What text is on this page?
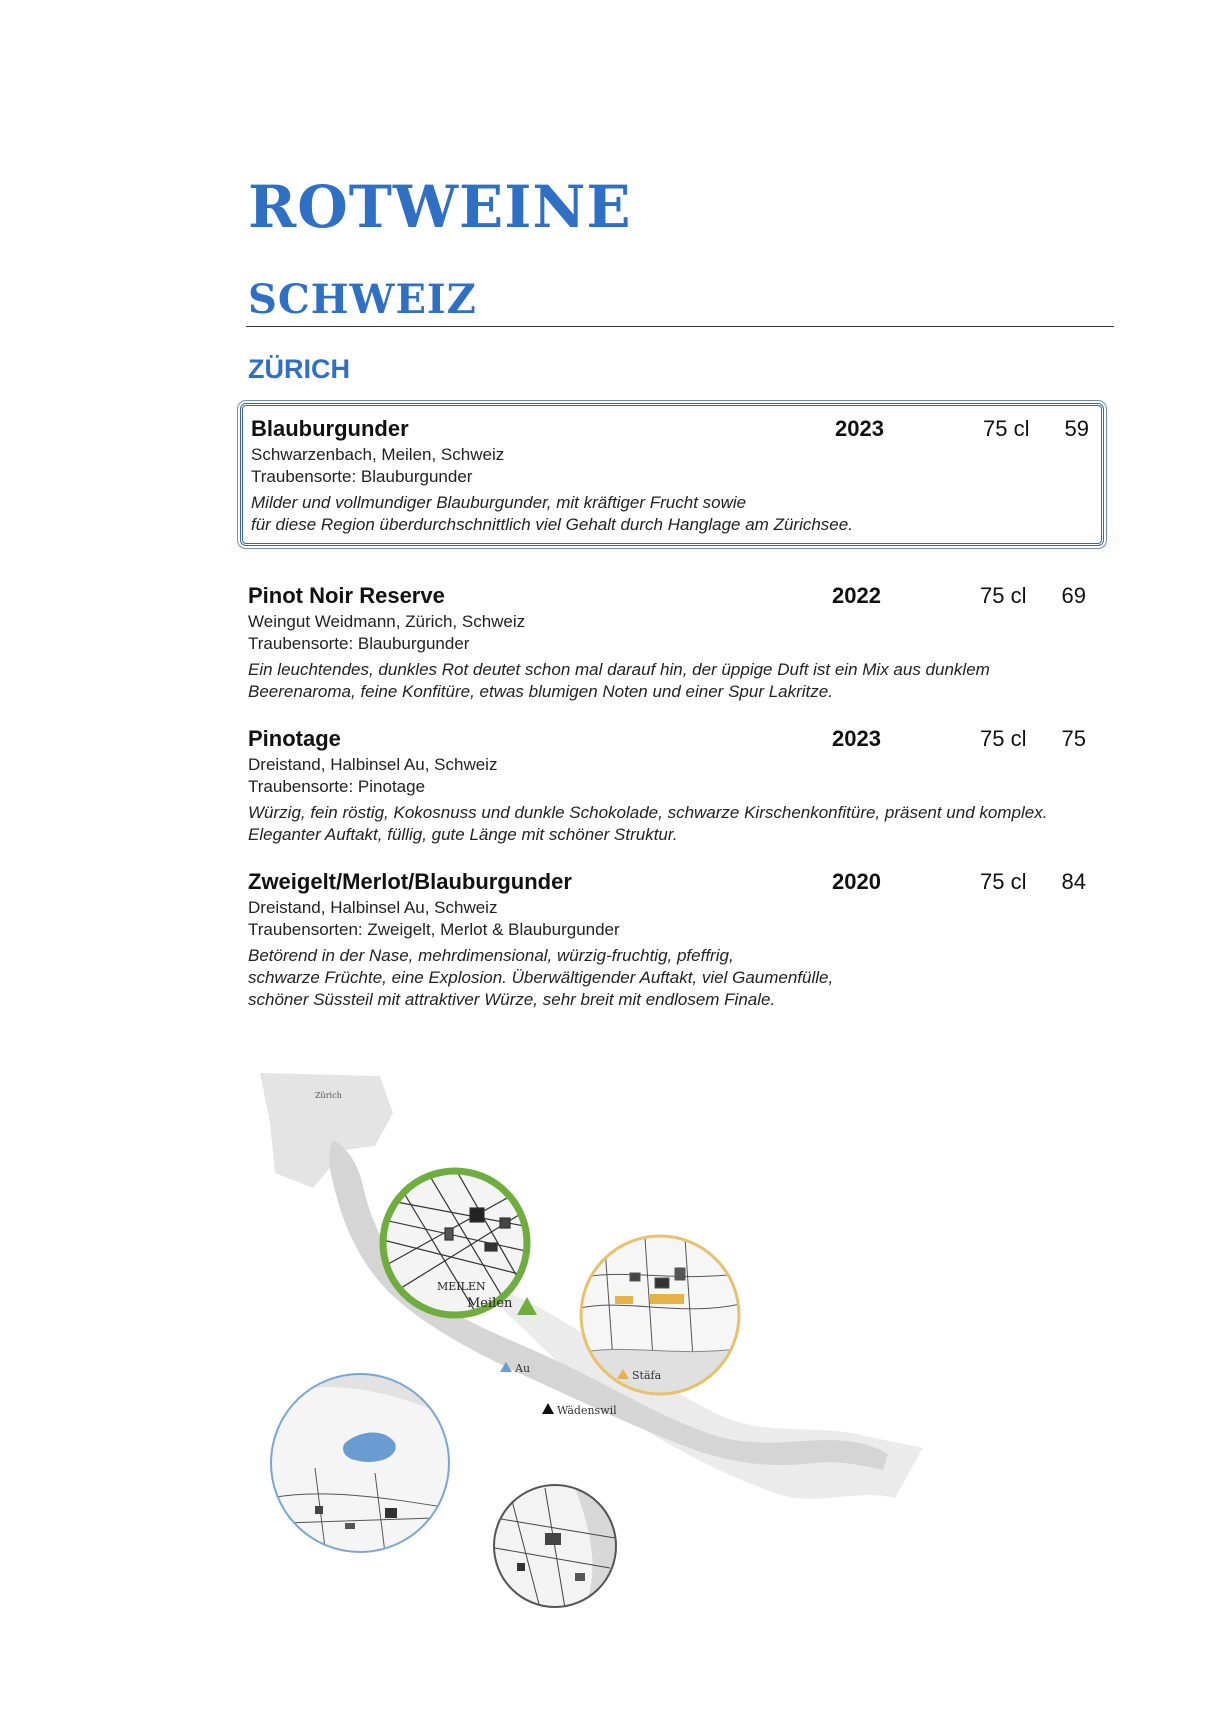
ROTWEINE
SCHWEIZ
ZÜRICH
Blauburgunder	2023	75 cl	59
Schwarzenbach, Meilen, Schweiz
Traubensorte: Blauburgunder
Milder und vollmundiger Blauburgunder, mit kräftiger Frucht sowie
für diese Region überdurchschnittlich viel Gehalt durch Hanglage am Zürichsee.
Pinot Noir Reserve	2022	75 cl	69
Weingut Weidmann, Zürich, Schweiz
Traubensorte: Blauburgunder
Ein leuchtendes, dunkles Rot deutet schon mal darauf hin, der üppige Duft ist ein Mix aus dunklem
Beerenaroma, feine Konfitüre, etwas blumigen Noten und einer Spur Lakritze.
Pinotage	2023	75 cl	75
Dreistand, Halbinsel Au, Schweiz
Traubensorte: Pinotage
Würzig, fein röstig, Kokosnuss und dunkle Schokolade, schwarze Kirschenkonfitüre, präsent und komplex.
Eleganter Auftakt, füllig, gute Länge mit schöner Struktur.
Zweigelt/Merlot/Blauburgunder	2020	75 cl	84
Dreistand, Halbinsel Au, Schweiz
Traubensorten: Zweigelt, Merlot & Blauburgunder
Betörend in der Nase, mehrdimensional, würzig-fruchtig, pfeffrig,
schwarze Früchte, eine Explosion. Überwältigender Auftakt, viel Gaumenfülle,
schöner Süssteil mit attraktiver Würze, sehr breit mit endlosem Finale.
MEILEN
Zürich
Meilen
Au
Stäfa
Wädenswil
